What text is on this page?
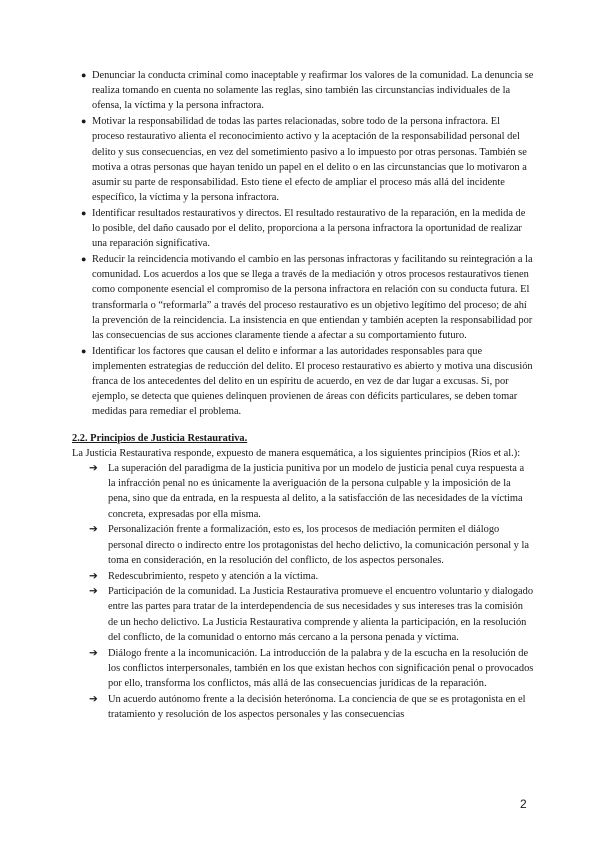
● Denunciar la conducta criminal como inaceptable y reafirmar los valores de la comunidad. La denuncia se realiza tomando en cuenta no solamente las reglas, sino también las circunstancias individuales de la ofensa, la víctima y la persona infractora.
● Motivar la responsabilidad de todas las partes relacionadas, sobre todo de la persona infractora. El proceso restaurativo alienta el reconocimiento activo y la aceptación de la responsabilidad personal del delito y sus consecuencias, en vez del sometimiento pasivo a lo impuesto por otras personas. También se motiva a otras personas que hayan tenido un papel en el delito o en las circunstancias que lo motivaron a asumir su parte de responsabilidad. Esto tiene el efecto de ampliar el proceso más allá del incidente específico, la víctima y la persona infractora.
● Identificar resultados restaurativos y directos. El resultado restaurativo de la reparación, en la medida de lo posible, del daño causado por el delito, proporciona a la persona infractora la oportunidad de realizar una reparación significativa.
● Reducir la reincidencia motivando el cambio en las personas infractoras y facilitando su reintegración a la comunidad. Los acuerdos a los que se llega a través de la mediación y otros procesos restaurativos tienen como componente esencial el compromiso de la persona infractora en relación con su conducta futura. El transformarla o “reformarla” a través del proceso restaurativo es un objetivo legítimo del proceso; de ahí la prevención de la reincidencia. La insistencia en que entiendan y también acepten la responsabilidad por las consecuencias de sus acciones claramente tiende a afectar a su comportamiento futuro.
● Identificar los factores que causan el delito e informar a las autoridades responsables para que implementen estrategias de reducción del delito. El proceso restaurativo es abierto y motiva una discusión franca de los antecedentes del delito en un espíritu de acuerdo, en vez de dar lugar a excusas. Si, por ejemplo, se detecta que quienes delinquen provienen de áreas con déficits particulares, se deben tomar medidas para remediar el problema.
2.2. Principios de Justicia Restaurativa.

La Justicia Restaurativa responde, expuesto de manera esquemática, a los siguientes principios (Ríos et al.):

➔ La superación del paradigma de la justicia punitiva por un modelo de justicia penal cuya respuesta a la infracción penal no es únicamente la averiguación de la persona culpable y la imposición de la pena, sino que da entrada, en la respuesta al delito, a la satisfacción de las necesidades de la víctima concreta, expresadas por ella misma.
➔ Personalización frente a formalización, esto es, los procesos de mediación permiten el diálogo personal directo o indirecto entre los protagonistas del hecho delictivo, la comunicación personal y la toma en consideración, en la resolución del conflicto, de los aspectos personales.
➔ Redescubrimiento, respeto y atención a la víctima.
➔ Participación de la comunidad. La Justicia Restaurativa promueve el encuentro voluntario y dialogado entre las partes para tratar de la interdependencia de sus necesidades y sus intereses tras la comisión de un hecho delictivo. La Justicia Restaurativa comprende y alienta la participación, en la resolución del conflicto, de la comunidad o entorno más cercano a la persona penada y víctima.
➔ Diálogo frente a la incomunicación. La introducción de la palabra y de la escucha en la resolución de los conflictos interpersonales, también en los que existan hechos con significación penal o provocados por ello, transforma los conflictos, más allá de las consecuencias jurídicas de la reparación.
➔ Un acuerdo autónomo frente a la decisión heterónoma. La conciencia de que se es protagonista en el tratamiento y resolución de los aspectos personales y las consecuencias
2
